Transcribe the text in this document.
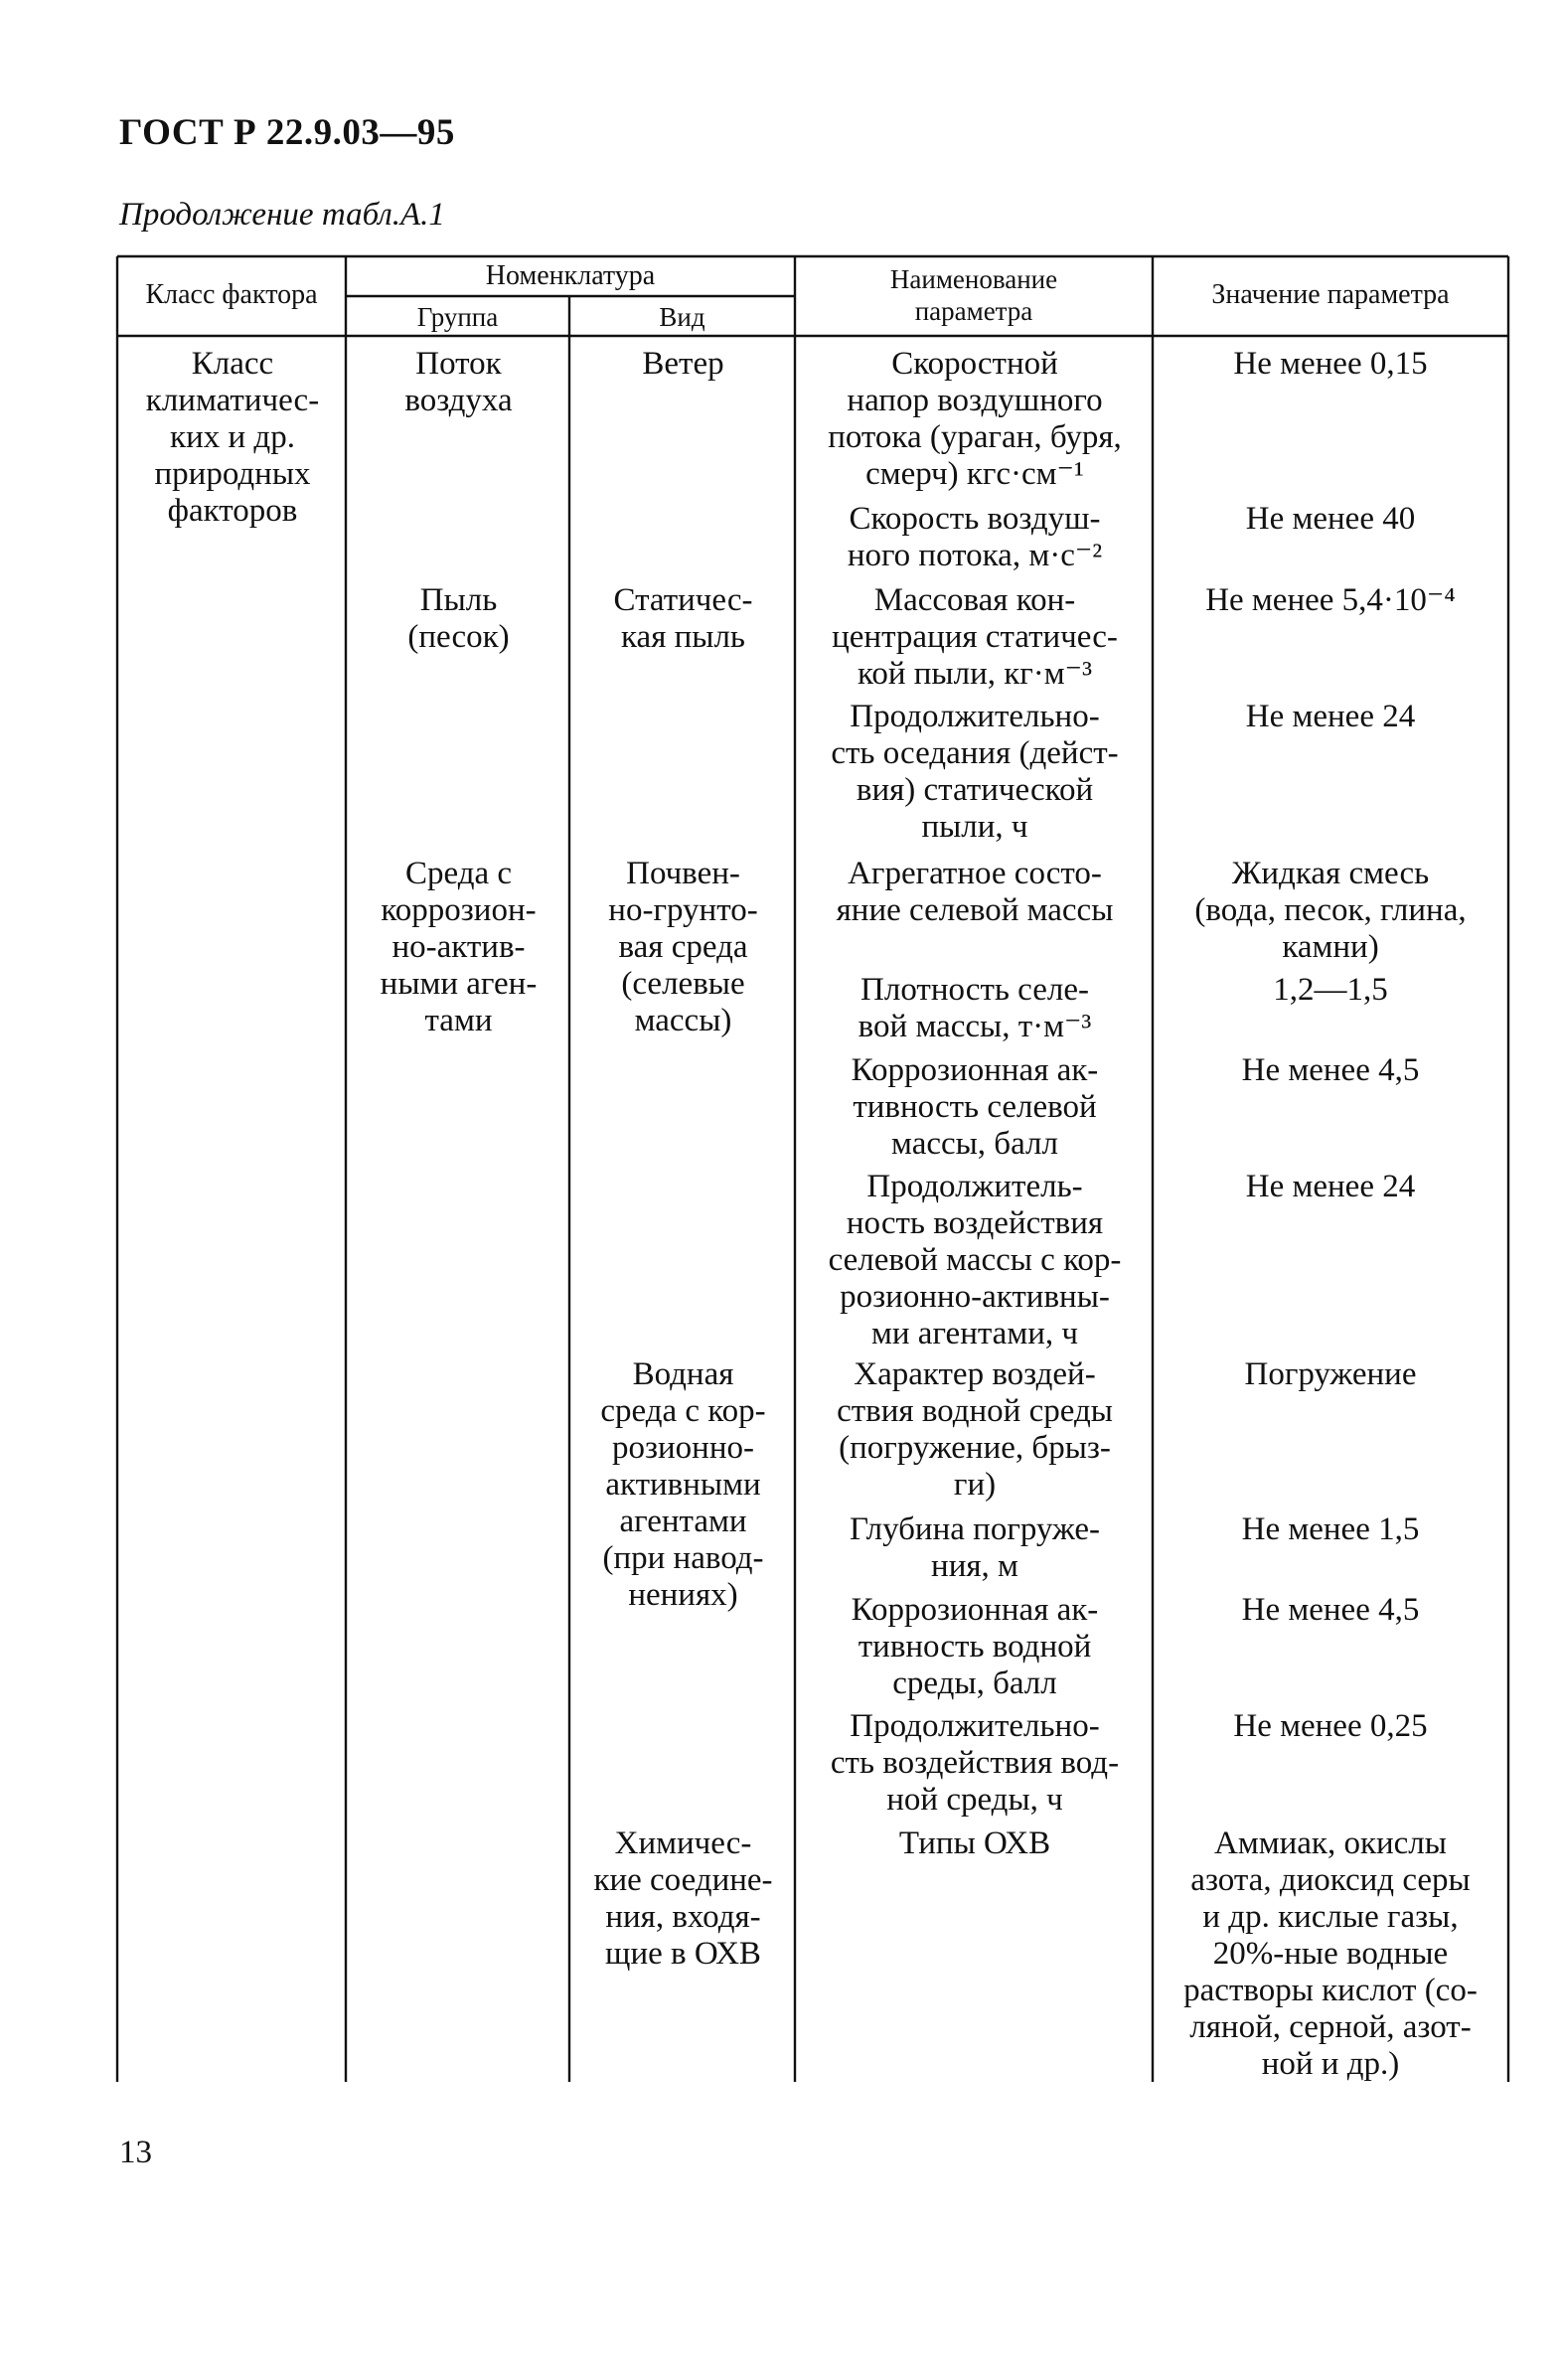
ГОСТ Р 22.9.03—95
Продолжение табл.А.1
Класс фактора
Номенклатура
Группа	Вид
Наименование
параметра
Значение параметра
Класс
климатичес-
ких и др.
природных
факторов
Поток
воздуха
Пыль
(песок)
Среда с
коррозион-
но-актив-
ными аген-
тами
Ветер
Статичес-
кая пыль
Почвен-
но-грунто-
вая среда
(селевые
массы)
Водная
среда с кор-
розионно-
активными
агентами
(при навод-
нениях)
Химичес-
кие соедине-
ния, входя-
щие в ОХВ
Скоростной
напор воздушного
потока (ураган, буря,
смерч) кгс·см⁻¹
Не менее 0,15
Скорость воздуш-
ного потока, м·с⁻²
Не менее 40
Массовая кон-
центрация статичес-
кой пыли, кг·м⁻³
Не менее 5,4·10⁻⁴
Продолжительно-
сть оседания (дейст-
вия) статической
пыли, ч
Не менее 24
Агрегатное состо-
яние селевой массы
Жидкая смесь
(вода, песок, глина,
камни)
Плотность селе-
вой массы, т·м⁻³
1,2—1,5
Коррозионная ак-
тивность селевой
массы, балл
Не менее 4,5
Продолжитель-
ность воздействия
селевой массы с кор-
розионно-активны-
ми агентами, ч
Не менее 24
Характер воздей-
ствия водной среды
(погружение, брыз-
ги)
Погружение
Глубина погруже-
ния, м
Не менее 1,5
Коррозионная ак-
тивность водной
среды, балл
Не менее 4,5
Продолжительно-
сть воздействия вод-
ной среды, ч
Не менее 0,25
Типы ОХВ	Аммиак, окислы
азота, диоксид серы
и др. кислые газы,
20%-ные водные
растворы кислот (со-
ляной, серной, азот-
ной и др.)
13
